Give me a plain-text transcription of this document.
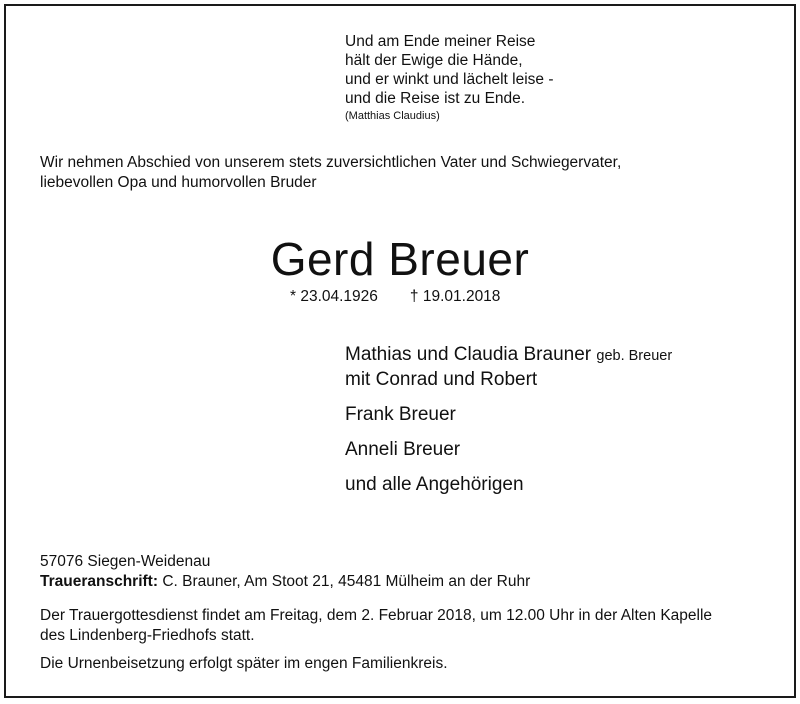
Und am Ende meiner Reise
hält der Ewige die Hände,
und er winkt und lächelt leise -
und die Reise ist zu Ende.
(Matthias Claudius)
Wir nehmen Abschied von unserem stets zuversichtlichen Vater und Schwiegervater,
liebevollen Opa und humorvollen Bruder
Gerd Breuer
* 23.04.1926 † 19.01.2018
Mathias und Claudia Brauner geb. Breuer
mit Conrad und Robert
Frank Breuer
Anneli Breuer
und alle Angehörigen
57076 Siegen-Weidenau
Traueranschrift: C. Brauner, Am Stoot 21, 45481 Mülheim an der Ruhr
Der Trauergottesdienst findet am Freitag, dem 2. Februar 2018, um 12.00 Uhr in der Alten Kapelle
des Lindenberg-Friedhofs statt.
Die Urnenbeisetzung erfolgt später im engen Familienkreis.
